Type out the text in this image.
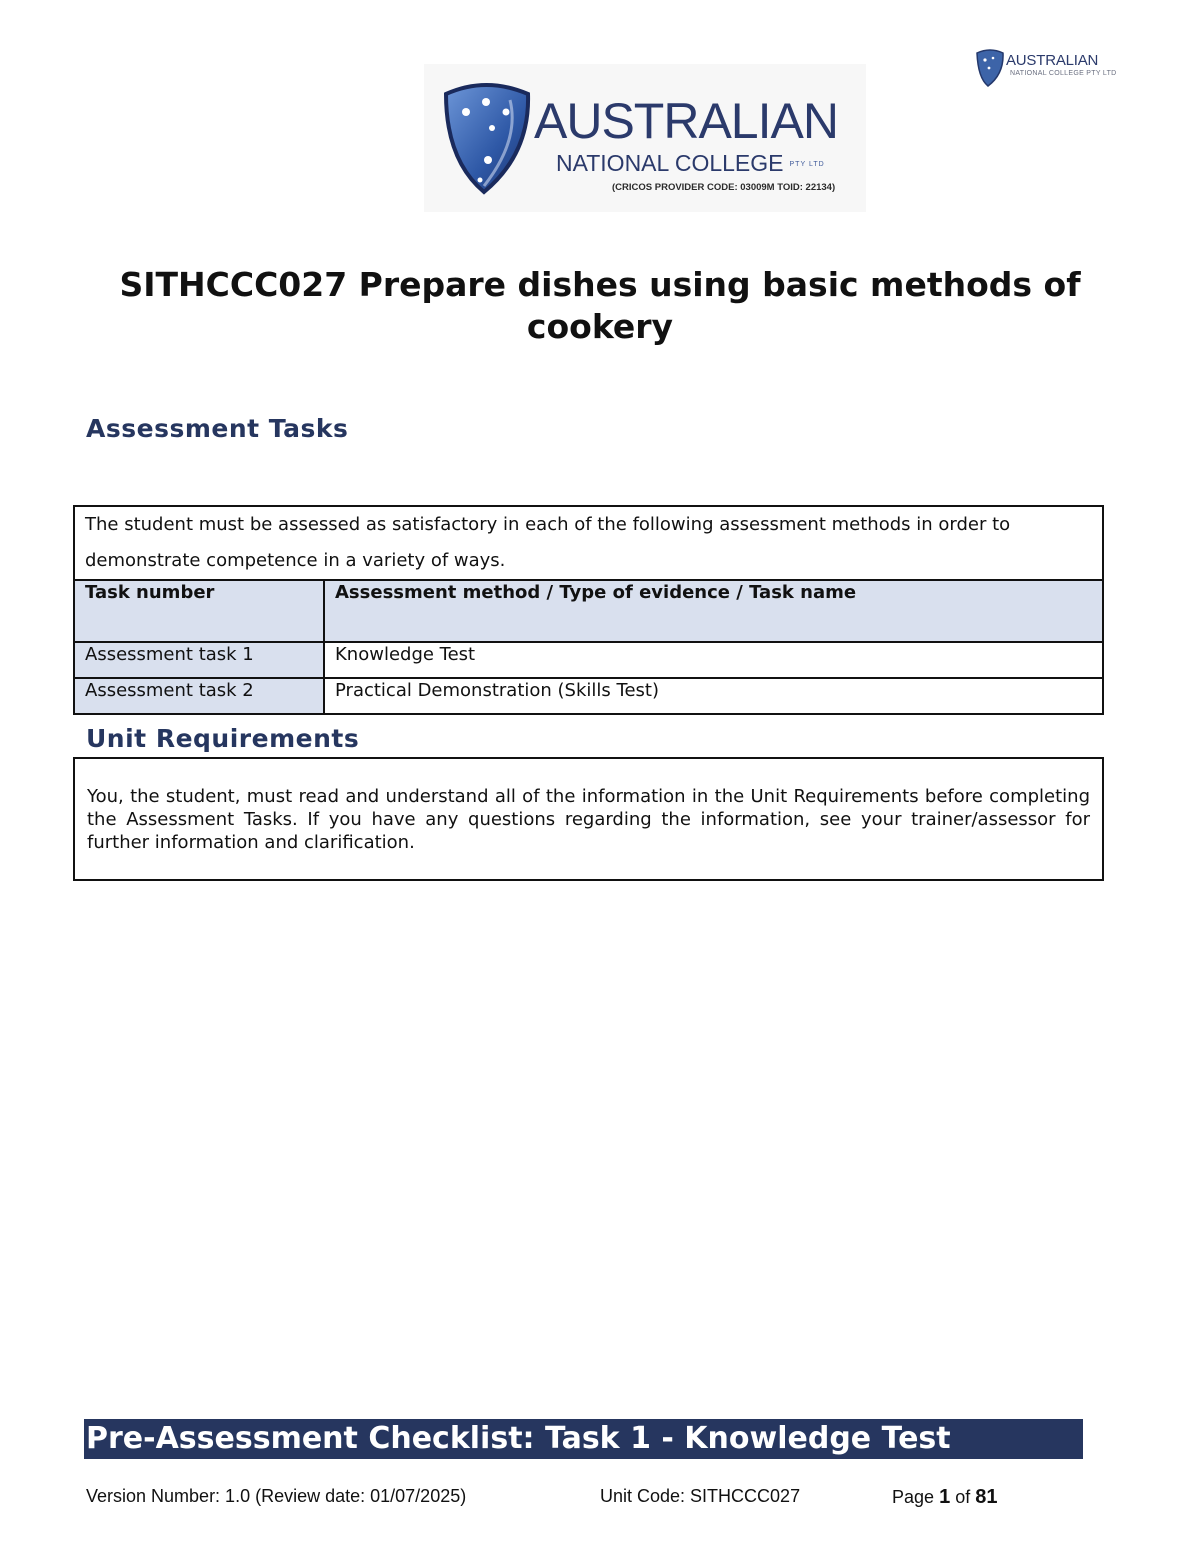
AUSTRALIAN
NATIONAL COLLEGE PTY LTD
AUSTRALIAN
NATIONAL COLLEGE PTY LTD
(CRICOS PROVIDER CODE: 03009M TOID: 22134)
SITHCCC027 Prepare dishes using basic methods of cookery
Assessment Tasks
The student must be assessed as satisfactory in each of the following assessment methods in order to demonstrate competence in a variety of ways.	
Task number	Assessment method / Type of evidence / Task name
Assessment task 1	Knowledge Test
Assessment task 2	Practical Demonstration (Skills Test)
Unit Requirements

You, the student, must read and understand all of the information in the Unit Requirements before completing the Assessment Tasks. If you have any questions regarding the information, see your trainer/assessor for further information and clarification.

Pre-Assessment Checklist: Task 1 - Knowledge Test
Version Number: 1.0 (Review date: 01/07/2025)	Unit Code: SITHCCC027	Page 1 of 81
